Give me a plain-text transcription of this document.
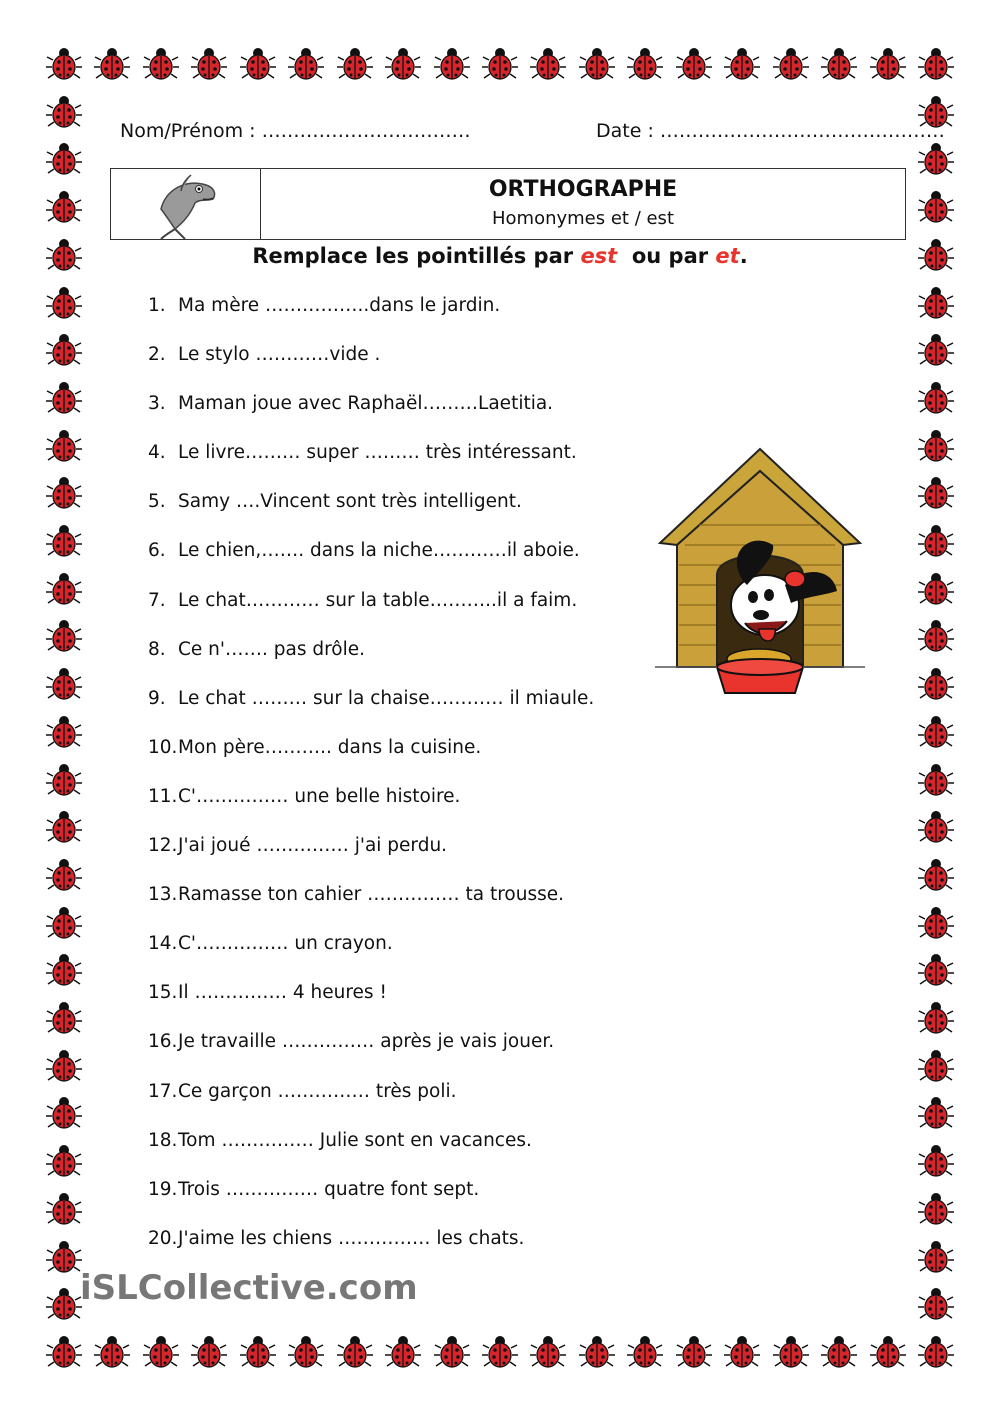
Nom/Prénom : ……………………………	Date : ………………………………………
ORTHOGRAPHE
Homonymes et / est
Remplace les pointillés par est ou par et.
1. Ma mère ……………..dans le jardin.
2. Le stylo …………vide .
3. Maman joue avec Raphaël………Laetitia.
4. Le livre……… super ……… très intéressant.
5. Samy ….Vincent sont très intelligent.
6. Le chien,……. dans la niche…………il aboie.
7. Le chat………… sur la table………..il a faim.
8. Ce n'……. pas drôle.
9. Le chat ……… sur la chaise………… il miaule.
10. Mon père……….. dans la cuisine.
11. C'…………… une belle histoire.
12. J'ai joué …………… j'ai perdu.
13. Ramasse ton cahier …………… ta trousse.
14. C'…………… un crayon.
15. Il …………… 4 heures !
16. Je travaille …………… après je vais jouer.
17. Ce garçon …………… très poli.
18. Tom …………… Julie sont en vacances.
19. Trois …………… quatre font sept.
20. J'aime les chiens …………… les chats.
iSLCollective.com
